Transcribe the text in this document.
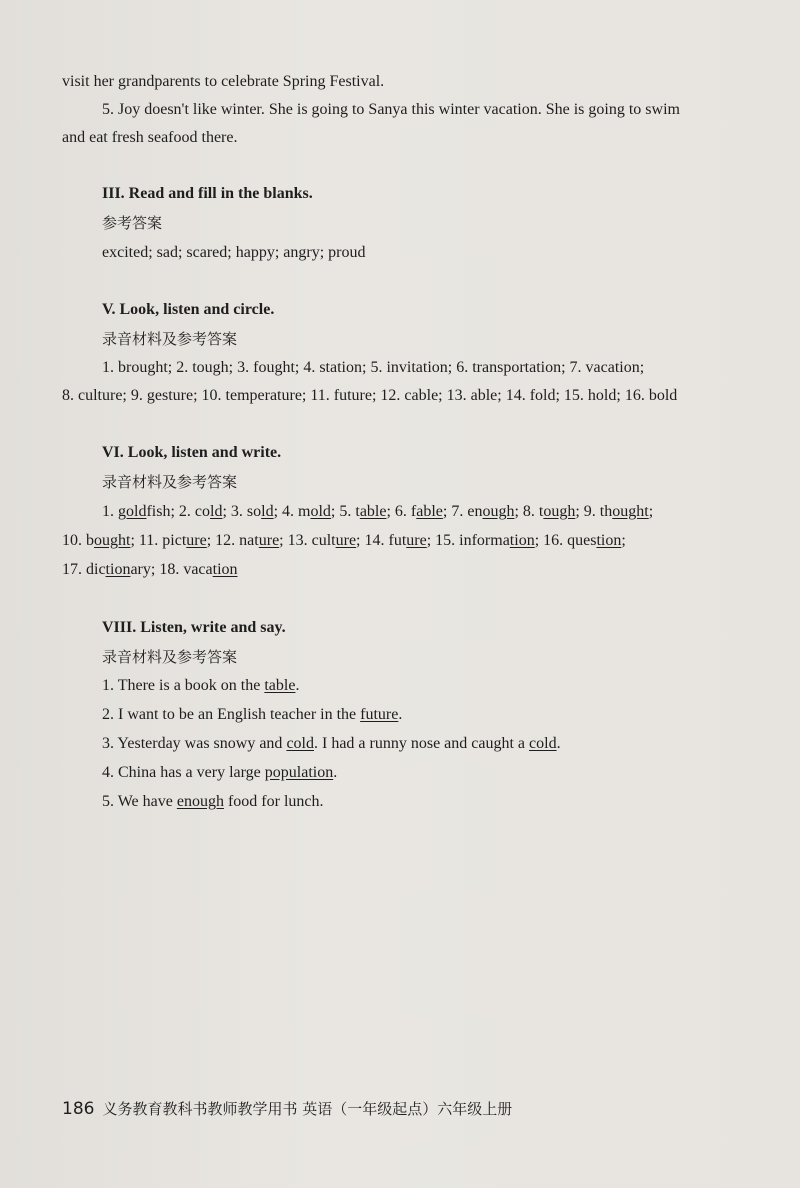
visit her grandparents to celebrate Spring Festival.
5. Joy doesn't like winter. She is going to Sanya this winter vacation. She is going to swim
and eat fresh seafood there.
III. Read and fill in the blanks.
参考答案
excited; sad; scared; happy; angry; proud
V. Look, listen and circle.
录音材料及参考答案
1. brought; 2. tough; 3. fought; 4. station; 5. invitation; 6. transportation; 7. vacation;
8. culture; 9. gesture; 10. temperature; 11. future; 12. cable; 13. able; 14. fold; 15. hold; 16. bold
VI. Look, listen and write.
录音材料及参考答案
1. goldfish; 2. cold; 3. sold; 4. mold; 5. table; 6. fable; 7. enough; 8. tough; 9. thought;
10. bought; 11. picture; 12. nature; 13. culture; 14. future; 15. information; 16. question;
17. dictionary; 18. vacation
VIII. Listen, write and say.
录音材料及参考答案
1. There is a book on the table.
2. I want to be an English teacher in the future.
3. Yesterday was snowy and cold. I had a runny nose and caught a cold.
4. China has a very large population.
5. We have enough food for lunch.
186 义务教育教科书教师教学用书 英语（一年级起点）六年级上册
